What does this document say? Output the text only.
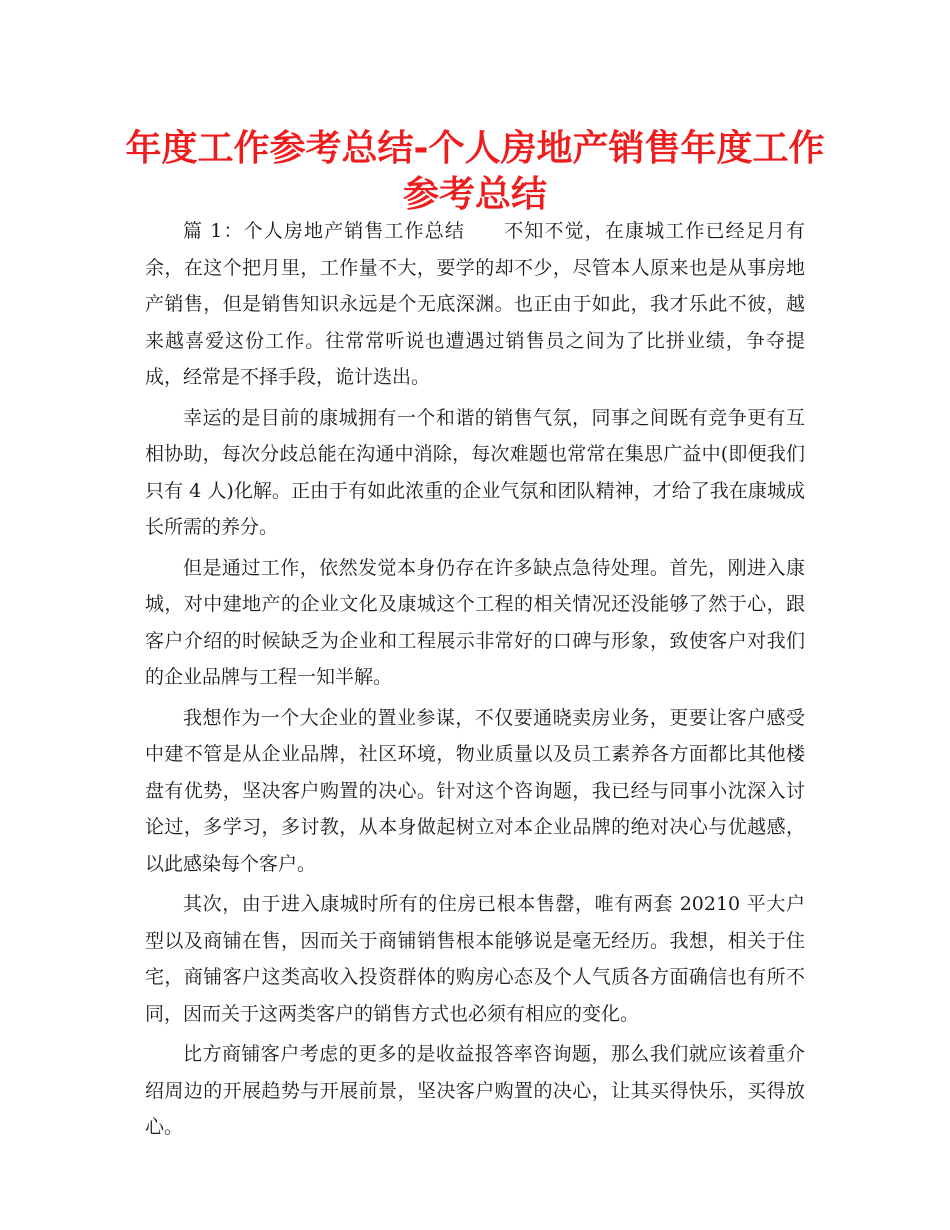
年度工作参考总结-个人房地产销售年度工作参考总结

篇 1：个人房地产销售工作总结 不知不觉，在康城工作已经足月有余，在这个把月里，工作量不大，要学的却不少，尽管本人原来也是从事房地产销售，但是销售知识永远是个无底深渊。也正由于如此，我才乐此不彼，越来越喜爱这份工作。往常常听说也遭遇过销售员之间为了比拼业绩，争夺提成，经常是不择手段，诡计迭出。

幸运的是目前的康城拥有一个和谐的销售气氛，同事之间既有竞争更有互相协助，每次分歧总能在沟通中消除，每次难题也常常在集思广益中(即便我们只有 4 人)化解。正由于有如此浓重的企业气氛和团队精神，才给了我在康城成长所需的养分。

但是通过工作，依然发觉本身仍存在许多缺点急待处理。首先，刚进入康城，对中建地产的企业文化及康城这个工程的相关情况还没能够了然于心，跟客户介绍的时候缺乏为企业和工程展示非常好的口碑与形象，致使客户对我们的企业品牌与工程一知半解。

我想作为一个大企业的置业参谋，不仅要通晓卖房业务，更要让客户感受中建不管是从企业品牌，社区环境，物业质量以及员工素养各方面都比其他楼盘有优势，坚决客户购置的决心。针对这个咨询题，我已经与同事小沈深入讨论过，多学习，多讨教，从本身做起树立对本企业品牌的绝对决心与优越感，以此感染每个客户。

其次，由于进入康城时所有的住房已根本售罄，唯有两套 20210 平大户型以及商铺在售，因而关于商铺销售根本能够说是毫无经历。我想，相关于住宅，商铺客户这类高收入投资群体的购房心态及个人气质各方面确信也有所不同，因而关于这两类客户的销售方式也必须有相应的变化。

比方商铺客户考虑的更多的是收益报答率咨询题，那么我们就应该着重介绍周边的开展趋势与开展前景，坚决客户购置的决心，让其买得快乐，买得放心。
